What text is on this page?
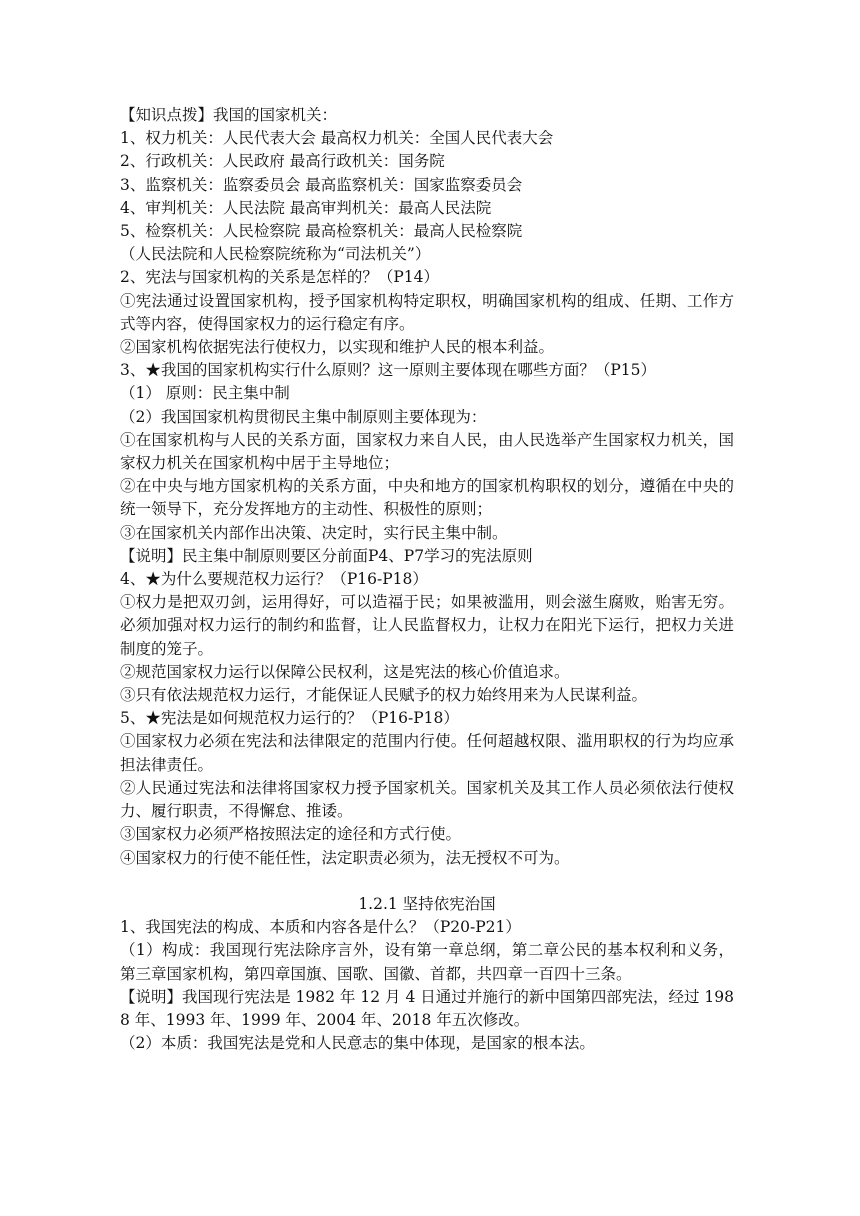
【知识点拨】我国的国家机关：

1、权力机关：人民代表大会 最高权力机关：全国人民代表大会

2、行政机关：人民政府 最高行政机关：国务院

3、监察机关：监察委员会 最高监察机关：国家监察委员会

4、审判机关：人民法院 最高审判机关：最高人民法院

5、检察机关：人民检察院 最高检察机关：最高人民检察院

（人民法院和人民检察院统称为“司法机关”）

2、宪法与国家机构的关系是怎样的？（P14）

①宪法通过设置国家机构，授予国家机构特定职权，明确国家机构的组成、任期、工作方式等内容，使得国家权力的运行稳定有序。

②国家机构依据宪法行使权力，以实现和维护人民的根本利益。

3、★我国的国家机构实行什么原则？这一原则主要体现在哪些方面？（P15）

（1） 原则：民主集中制

（2）我国国家机构贯彻民主集中制原则主要体现为：

①在国家机构与人民的关系方面，国家权力来自人民，由人民选举产生国家权力机关，国家权力机关在国家机构中居于主导地位；

②在中央与地方国家机构的关系方面，中央和地方的国家机构职权的划分，遵循在中央的统一领导下，充分发挥地方的主动性、积极性的原则；

③在国家机关内部作出决策、决定时，实行民主集中制。

【说明】民主集中制原则要区分前面P4、P7学习的宪法原则

4、★为什么要规范权力运行？（P16-P18）

①权力是把双刃剑，运用得好，可以造福于民；如果被滥用，则会滋生腐败，贻害无穷。必须加强对权力运行的制约和监督，让人民监督权力，让权力在阳光下运行，把权力关进制度的笼子。

②规范国家权力运行以保障公民权利，这是宪法的核心价值追求。

③只有依法规范权力运行，才能保证人民赋予的权力始终用来为人民谋利益。

5、★宪法是如何规范权力运行的？（P16-P18）

①国家权力必须在宪法和法律限定的范围内行使。任何超越权限、滥用职权的行为均应承担法律责任。

②人民通过宪法和法律将国家权力授予国家机关。国家机关及其工作人员必须依法行使权力、履行职责，不得懈怠、推诿。

③国家权力必须严格按照法定的途径和方式行使。

④国家权力的行使不能任性，法定职责必须为，法无授权不可为。

1.2.1 坚持依宪治国

1、我国宪法的构成、本质和内容各是什么？（P20-P21）

（1）构成：我国现行宪法除序言外，设有第一章总纲，第二章公民的基本权利和义务，第三章国家机构，第四章国旗、国歌、国徽、首都，共四章一百四十三条。

【说明】我国现行宪法是 1982 年 12 月 4 日通过并施行的新中国第四部宪法，经过 1988 年、1993 年、1999 年、2004 年、2018 年五次修改。

（2）本质：我国宪法是党和人民意志的集中体现，是国家的根本法。
